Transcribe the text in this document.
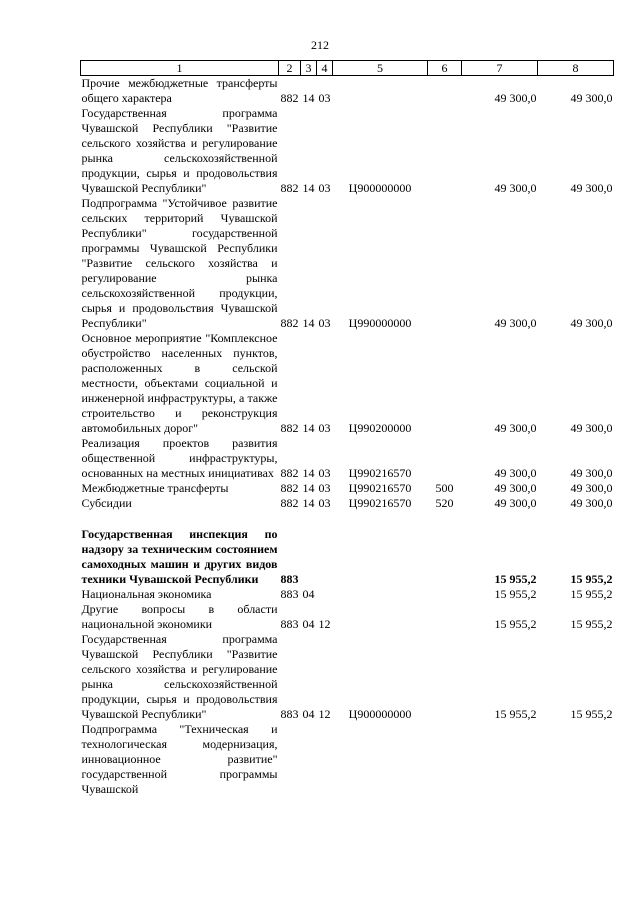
212
1	2	3	4	5	6	7	8
Прочие межбюджетные трансферты общего характера	882	14	03			49 300,0	49 300,0
Государственная программа Чувашской Республики "Развитие сельского хозяйства и регулирование рынка сельскохозяйственной продукции, сырья и продовольствия Чувашской Республики"	882	14	03	Ц900000000		49 300,0	49 300,0
Подпрограмма "Устойчивое развитие сельских территорий Чувашской Республики" государственной программы Чувашской Республики "Развитие сельского хозяйства и регулирование рынка сельскохозяйственной продукции, сырья и продовольствия Чувашской Республики"	882	14	03	Ц990000000		49 300,0	49 300,0
Основное мероприятие "Комплексное обустройство населенных пунктов, расположенных в сельской местности, объектами социальной и инженерной инфраструктуры, а также строительство и реконструкция автомобильных дорог"	882	14	03	Ц990200000		49 300,0	49 300,0
Реализация проектов развития общественной инфраструктуры, основанных на местных инициативах	882	14	03	Ц990216570		49 300,0	49 300,0
Межбюджетные трансферты	882	14	03	Ц990216570	500	49 300,0	49 300,0
Субсидии	882	14	03	Ц990216570	520	49 300,0	49 300,0

Государственная инспекция по надзору за техническим состоянием самоходных машин и других видов техники Чувашской Республики	883					15 955,2	15 955,2
Национальная экономика	883	04				15 955,2	15 955,2
Другие вопросы в области национальной экономики	883	04	12			15 955,2	15 955,2
Государственная программа Чувашской Республики "Развитие сельского хозяйства и регулирование рынка сельскохозяйственной продукции, сырья и продовольствия Чувашской Республики"	883	04	12	Ц900000000		15 955,2	15 955,2
Подпрограмма "Техническая и технологическая модернизация, инновационное развитие" государственной программы Чувашской							
